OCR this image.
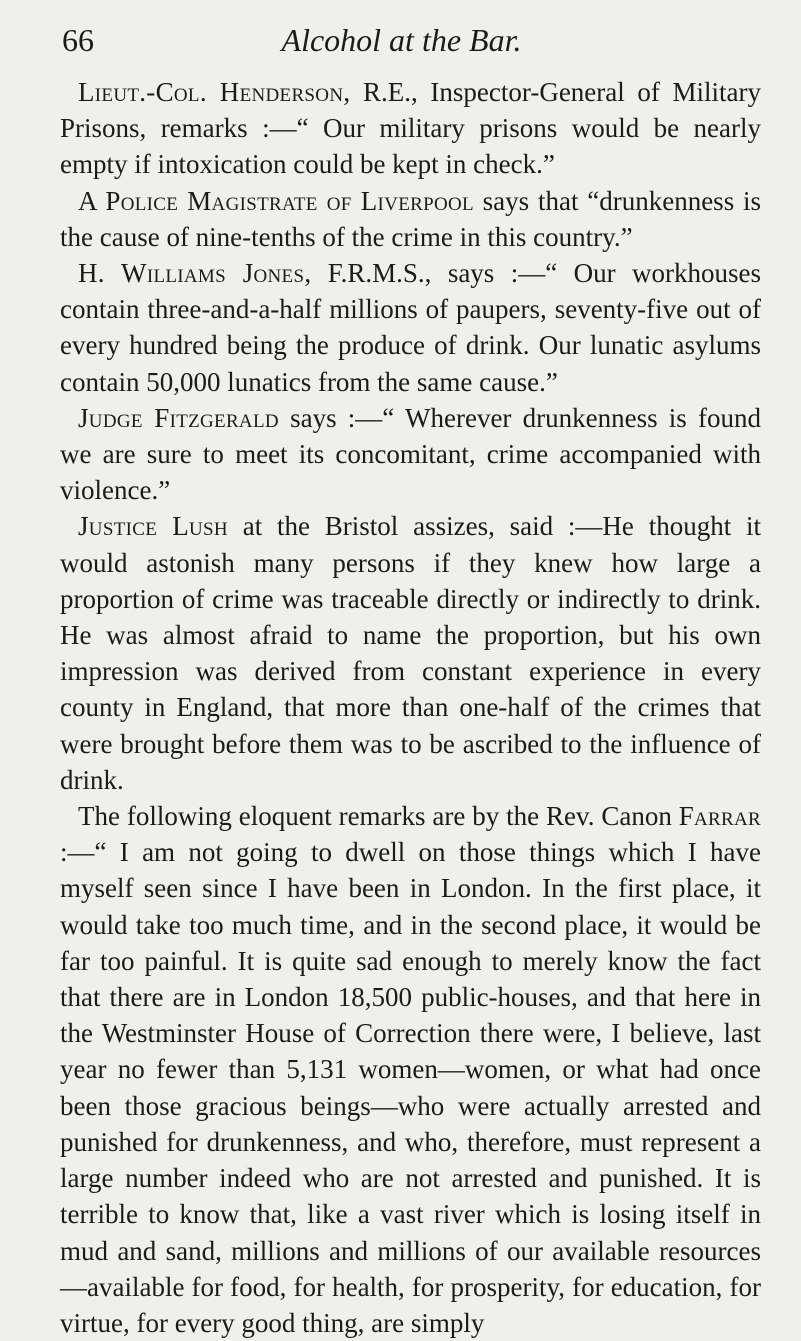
66	Alcohol at the Bar.

Lieut.-Col. Henderson, R.E., Inspector-General of Military Prisons, remarks :—“ Our military prisons would be nearly empty if intoxication could be kept in check.”

A Police Magistrate of Liverpool says that “drunkenness is the cause of nine-tenths of the crime in this country.”

H. Williams Jones, F.R.M.S., says :—“ Our workhouses contain three-and-a-half millions of paupers, seventy-five out of every hundred being the produce of drink. Our lunatic asylums contain 50,000 lunatics from the same cause.”

Judge Fitzgerald says :—“ Wherever drunkenness is found we are sure to meet its concomitant, crime accompanied with violence.”

Justice Lush at the Bristol assizes, said :—He thought it would astonish many persons if they knew how large a proportion of crime was traceable directly or indirectly to drink. He was almost afraid to name the proportion, but his own impression was derived from constant experience in every county in England, that more than one-half of the crimes that were brought before them was to be ascribed to the influence of drink.

The following eloquent remarks are by the Rev. Canon Farrar :—“ I am not going to dwell on those things which I have myself seen since I have been in London. In the first place, it would take too much time, and in the second place, it would be far too painful. It is quite sad enough to merely know the fact that there are in London 18,500 public-houses, and that here in the Westminster House of Correction there were, I believe, last year no fewer than 5,131 women—women, or what had once been those gracious beings—who were actually arrested and punished for drunkenness, and who, therefore, must represent a large number indeed who are not arrested and punished. It is terrible to know that, like a vast river which is losing itself in mud and sand, millions and millions of our available resources—available for food, for health, for prosperity, for education, for virtue, for every good thing, are simply
